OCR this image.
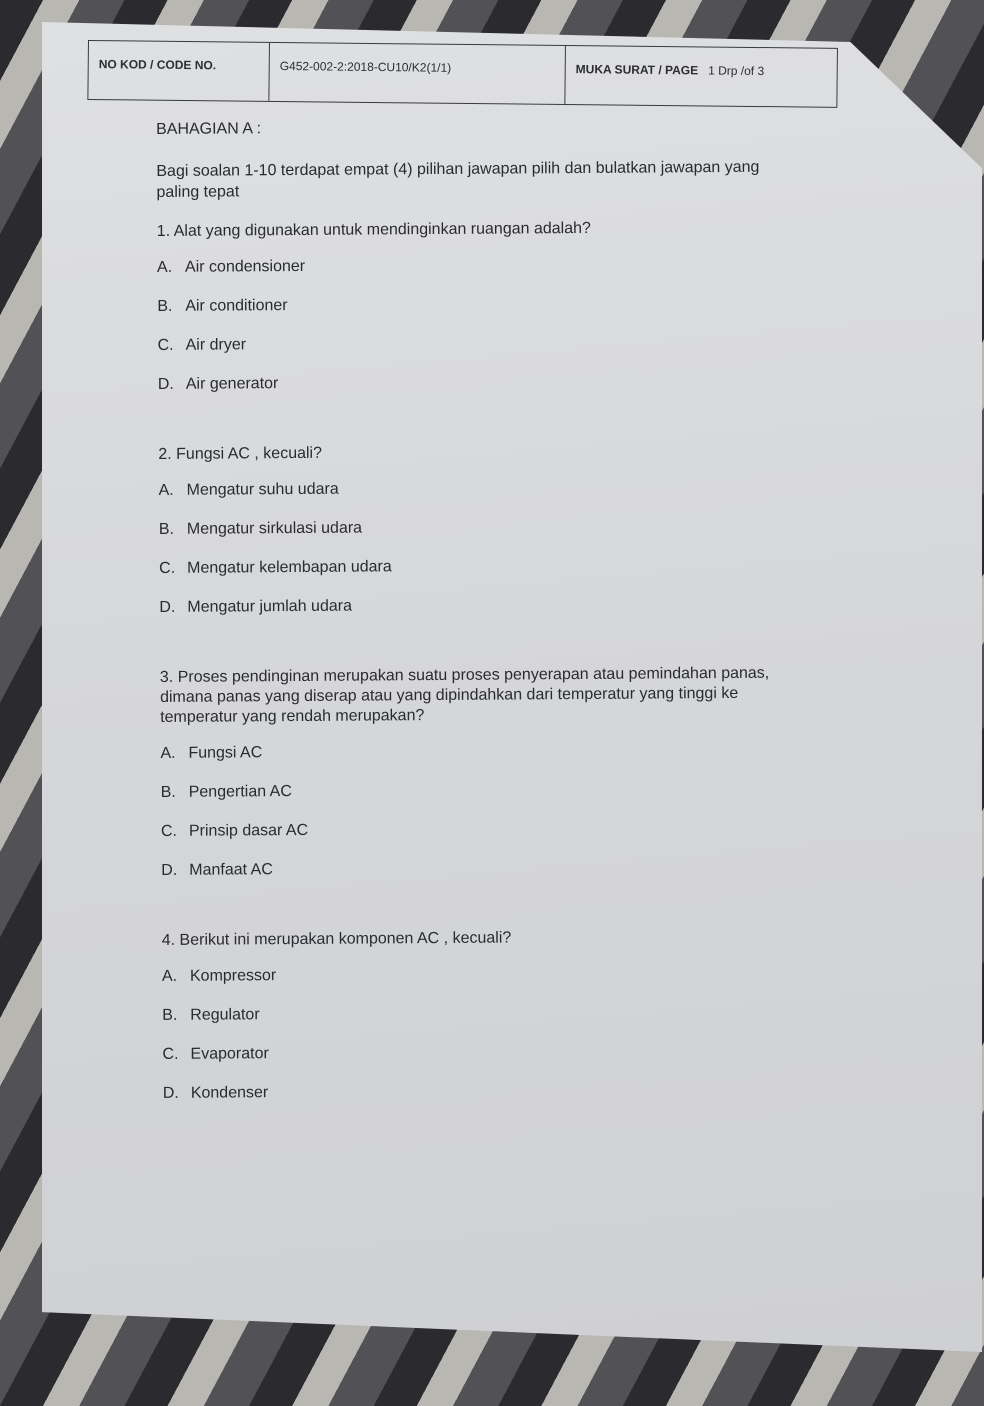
NO KOD / CODE NO.	G452-002-2:2018-CU10/K2(1/1)	MUKA SURAT / PAGE 1 Drp /of 3
BAHAGIAN A :
Bagi soalan 1-10 terdapat empat (4) pilihan jawapan pilih dan bulatkan jawapan yang paling tepat
1. Alat yang digunakan untuk mendinginkan ruangan adalah?
A. Air condensioner
B. Air conditioner
C. Air dryer
D. Air generator
2. Fungsi AC , kecuali?
A. Mengatur suhu udara
B. Mengatur sirkulasi udara
C. Mengatur kelembapan udara
D. Mengatur jumlah udara
3. Proses pendinginan merupakan suatu proses penyerapan atau pemindahan panas, dimana panas yang diserap atau yang dipindahkan dari temperatur yang tinggi ke temperatur yang rendah merupakan?
A. Fungsi AC
B. Pengertian AC
C. Prinsip dasar AC
D. Manfaat AC
4. Berikut ini merupakan komponen AC , kecuali?
A. Kompressor
B. Regulator
C. Evaporator
D. Kondenser
